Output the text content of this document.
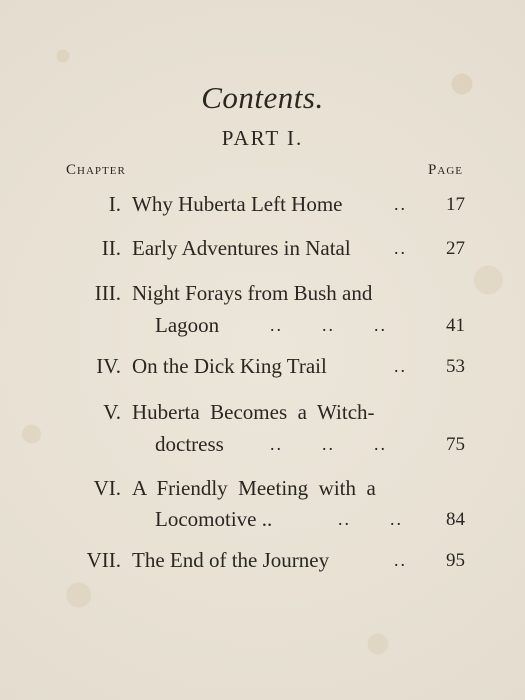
Contents.
PART I.
Chapter	Page
I. Why Huberta Left Home	.. 17
II. Early Adventures in Natal	.. 27
III. Night Forays from Bush and
Lagoon	..      ..      ..	41
IV. On the Dick King Trail	.. 53
V. Huberta  Becomes  a  Witch-
doctress	..      ..      ..	75
VI. A  Friendly  Meeting  with  a
Locomotive ..	..      .. 84
VII. The End of the Journey	.. 95
